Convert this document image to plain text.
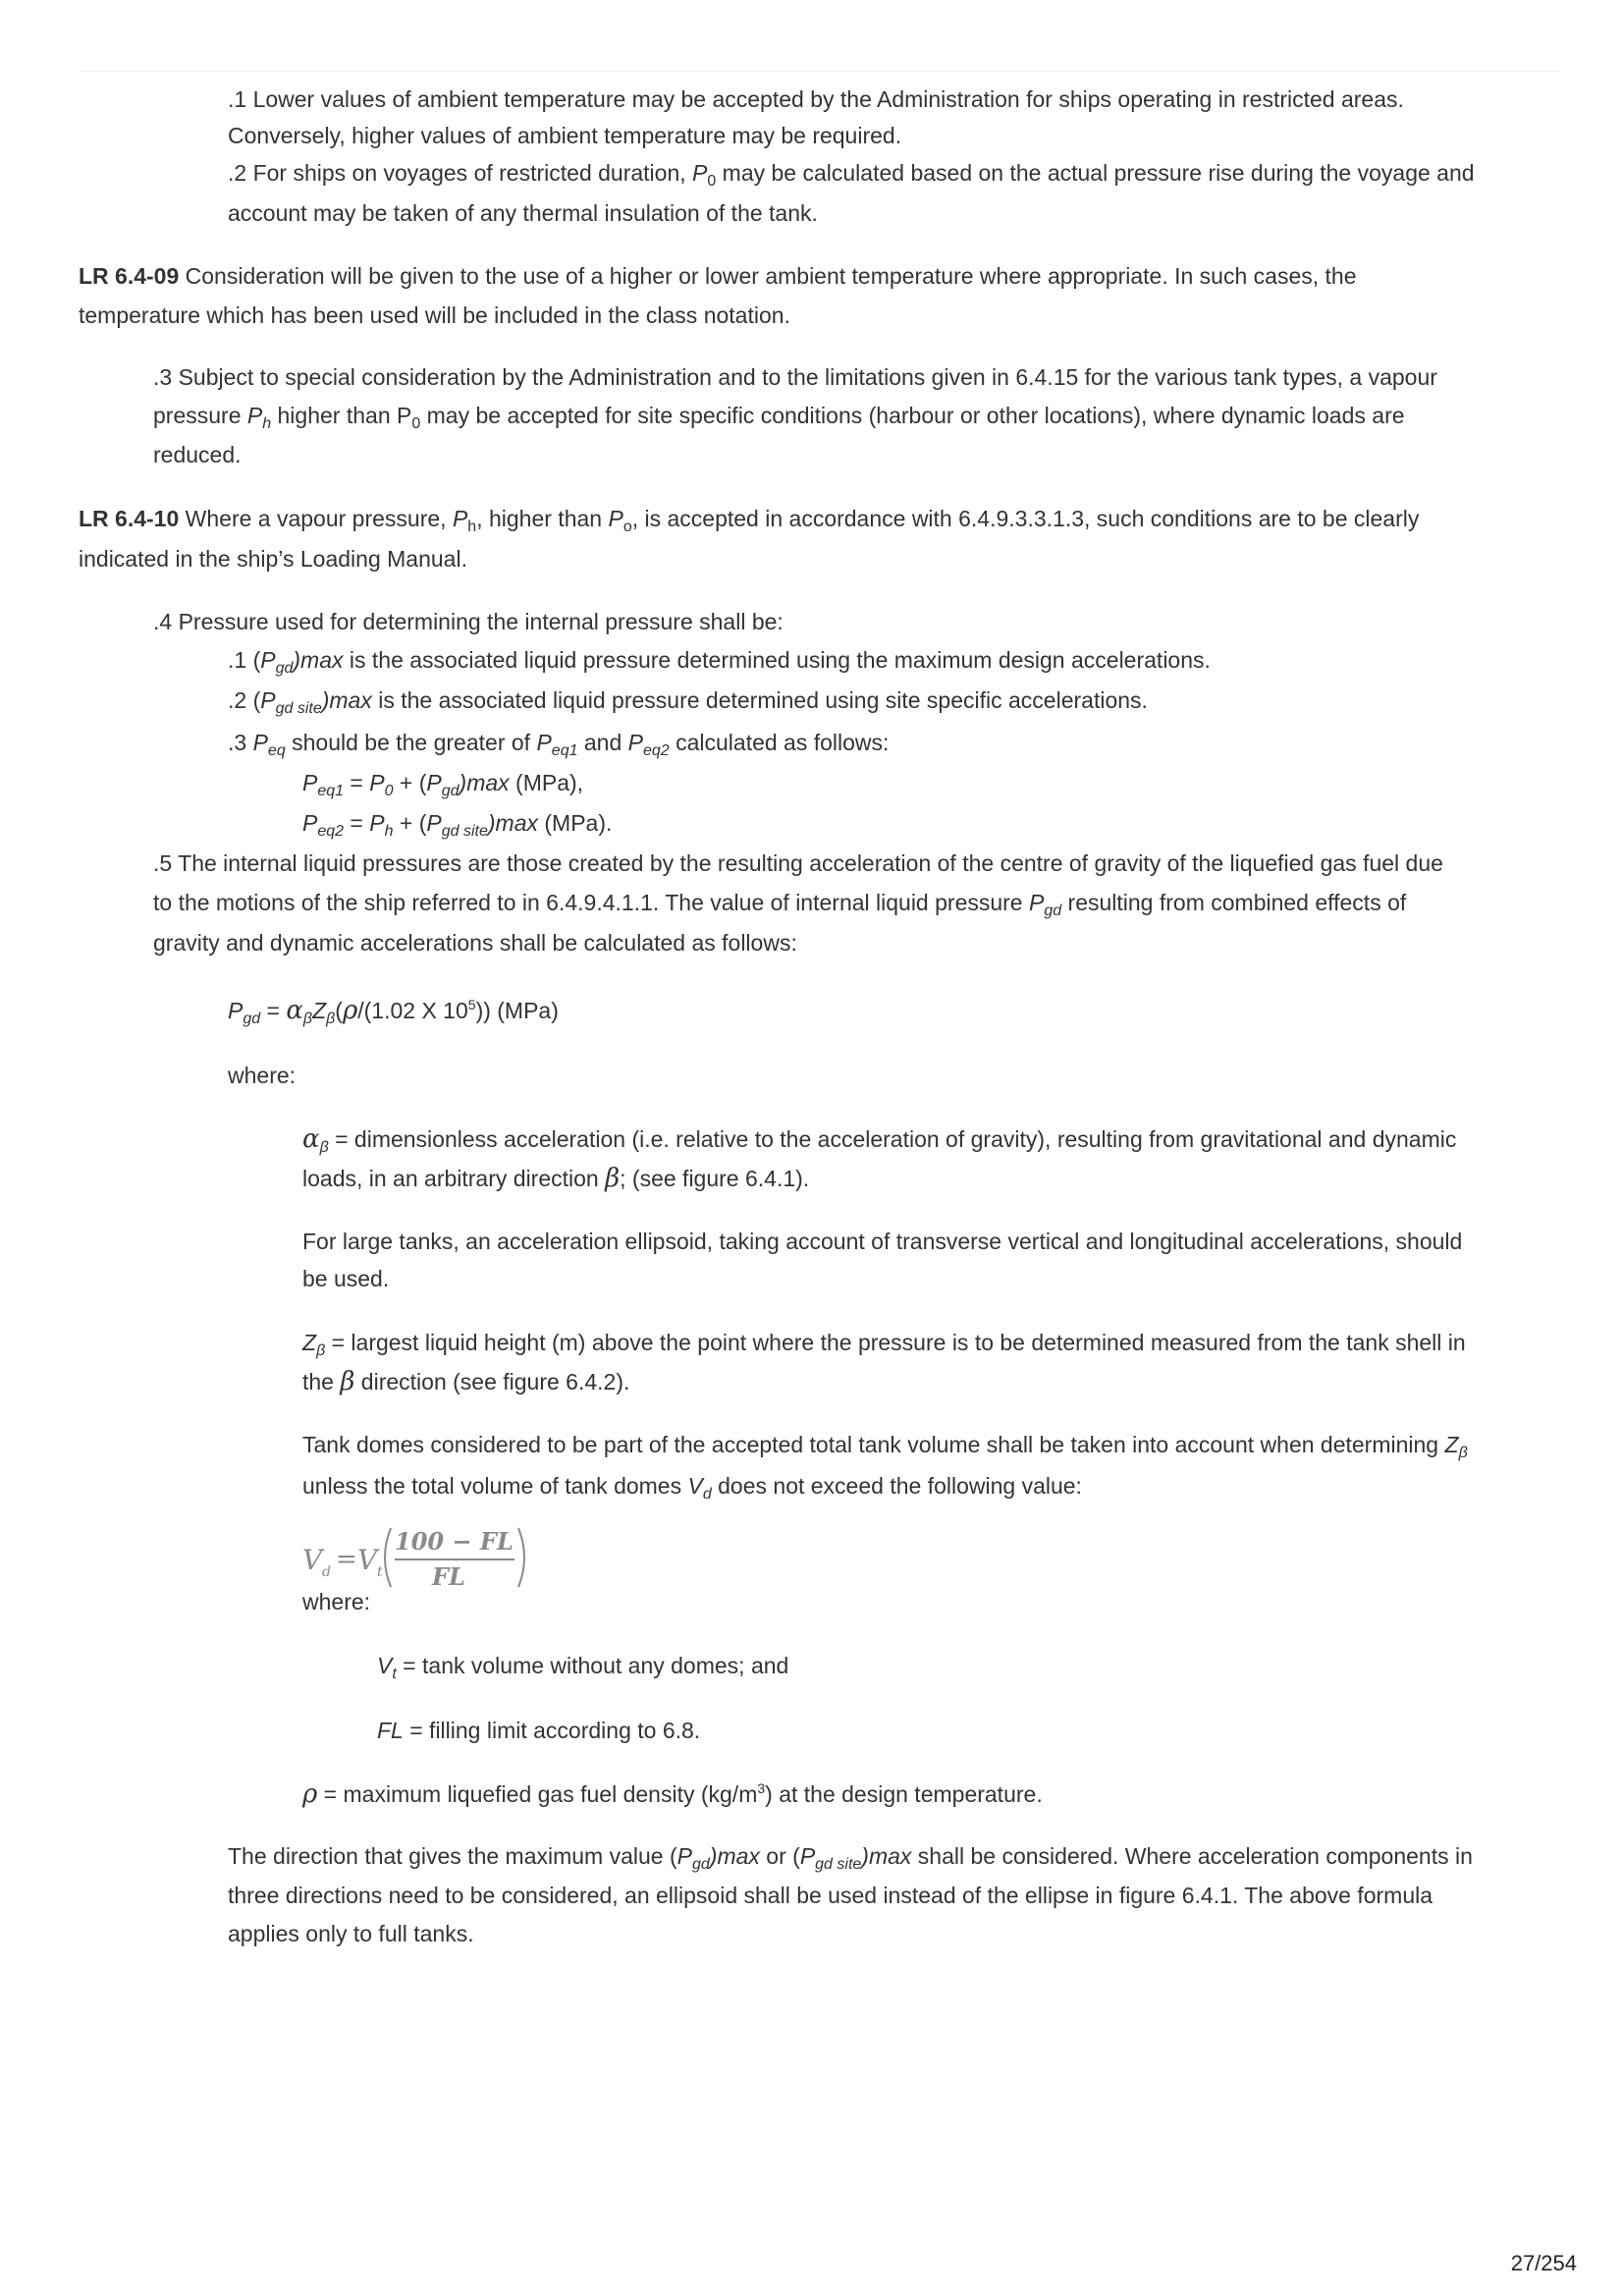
.1 Lower values of ambient temperature may be accepted by the Administration for ships operating in restricted areas.
Conversely, higher values of ambient temperature may be required.
.2 For ships on voyages of restricted duration, $P_0$ may be calculated based on the actual pressure rise during the voyage and
account may be taken of any thermal insulation of the tank.
LR 6.4-09 Consideration will be given to the use of a higher or lower ambient temperature where appropriate. In such cases, the
temperature which has been used will be included in the class notation.
.3 Subject to special consideration by the Administration and to the limitations given in 6.4.15 for the various tank types, a vapour
pressure $P_h$ higher than $P_0$ may be accepted for site specific conditions (harbour or other locations), where dynamic loads are
reduced.
LR 6.4-10 Where a vapour pressure, $P_h$, higher than $P_o$, is accepted in accordance with 6.4.9.3.3.1.3, such conditions are to be clearly
indicated in the ship’s Loading Manual.
.4 Pressure used for determining the internal pressure shall be:
.1 $(P_{gd})\max$ is the associated liquid pressure determined using the maximum design accelerations.
.2 $(P_{gd site})\max$ is the associated liquid pressure determined using site specific accelerations.
.3 $P_{eq}$ should be the greater of $P_{eq1}$ and $P_{eq2}$ calculated as follows:
$P_{eq1} = P_0 + (P_{gd})\max$ (MPa),
$P_{eq2} = P_h + (P_{gd site})\max$ (MPa).
.5 The internal liquid pressures are those created by the resulting acceleration of the centre of gravity of the liquefied gas fuel due
to the motions of the ship referred to in 6.4.9.4.1.1. The value of internal liquid pressure $P_{gd}$ resulting from combined effects of
gravity and dynamic accelerations shall be calculated as follows:
$P_{gd} = \alpha_\beta Z_\beta(\rho/(1.02$ X $10^5$)) (MPa)
where:
$\alpha_\beta$ = dimensionless acceleration (i.e. relative to the acceleration of gravity), resulting from gravitational and dynamic
loads, in an arbitrary direction β; (see figure 6.4.1).
For large tanks, an acceleration ellipsoid, taking account of transverse vertical and longitudinal accelerations, should
be used.
$Z_\beta$ = largest liquid height (m) above the point where the pressure is to be determined measured from the tank shell in
the β direction (see figure 6.4.2).
Tank domes considered to be part of the accepted total tank volume shall be taken into account when determining $Z_\beta$
unless the total volume of tank domes $V_d$ does not exceed the following value:
V d = V t
100 − FL
FL
where:
$V_t = \tan k$ volume without any domes; and
FL = filling limit according to 6.8.
ρ = maximum liquefied gas fuel density $(kg/m^3)$ at the design temperature.
The direction that gives the maximum value $(P_{gd})\max$ or $(P_{gd site})\max$ shall be considered. Where acceleration components in
three directions need to be considered, an ellipsoid shall be used instead of the ellipse in figure 6.4.1. The above formula
applies only to full tanks.
27/254
